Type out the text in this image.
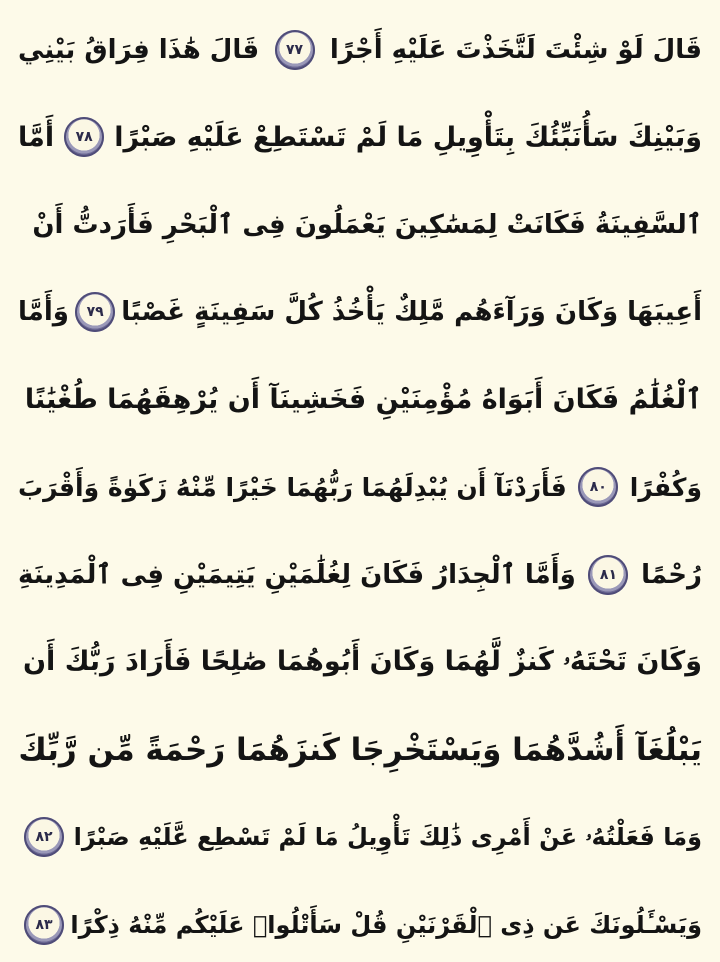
قَالَ لَوْ شِئْتَ لَتَّخَذْتَ عَلَيْهِ أَجْرًا
٧٧
قَالَ هَٰذَا فِرَاقُ بَيْنِي
وَبَيْنِكَ سَأُنَبِّئُكَ بِتَأْوِيلِ مَا لَمْ تَسْتَطِعْ عَلَيْهِ صَبْرًا
٧٨
أَمَّا
ٱلسَّفِينَةُ فَكَانَتْ لِمَسَٰكِينَ يَعْمَلُونَ فِى ٱلْبَحْرِ فَأَرَدتُّ أَنْ
أَعِيبَهَا وَكَانَ وَرَآءَهُم مَّلِكٌ يَأْخُذُ كُلَّ سَفِينَةٍ غَصْبًا
٧٩
وَأَمَّا
ٱلْغُلَٰمُ فَكَانَ أَبَوَاهُ مُؤْمِنَيْنِ فَخَشِينَآ أَن يُرْهِقَهُمَا طُغْيَٰنًا
وَكُفْرًا
٨٠
فَأَرَدْنَآ أَن يُبْدِلَهُمَا رَبُّهُمَا خَيْرًا مِّنْهُ زَكَوٰةً وَأَقْرَبَ
رُحْمًا
٨١
وَأَمَّا ٱلْجِدَارُ فَكَانَ لِغُلَٰمَيْنِ يَتِيمَيْنِ فِى ٱلْمَدِينَةِ
وَكَانَ تَحْتَهُۥ كَنزٌ لَّهُمَا وَكَانَ أَبُوهُمَا صَٰلِحًا فَأَرَادَ رَبُّكَ أَن
يَبْلُغَآ أَشُدَّهُمَا وَيَسْتَخْرِجَا كَنزَهُمَا رَحْمَةً مِّن رَّبِّكَ
وَمَا فَعَلْتُهُۥ عَنْ أَمْرِى ذَٰلِكَ تَأْوِيلُ مَا لَمْ تَسْطِع عَّلَيْهِ صَبْرًا
٨٢
وَيَسْـَٔلُونَكَ عَن ذِى ٱلْقَرْنَيْنِ قُلْ سَأَتْلُوا۟ عَلَيْكُم مِّنْهُ ذِكْرًا
٨٣
